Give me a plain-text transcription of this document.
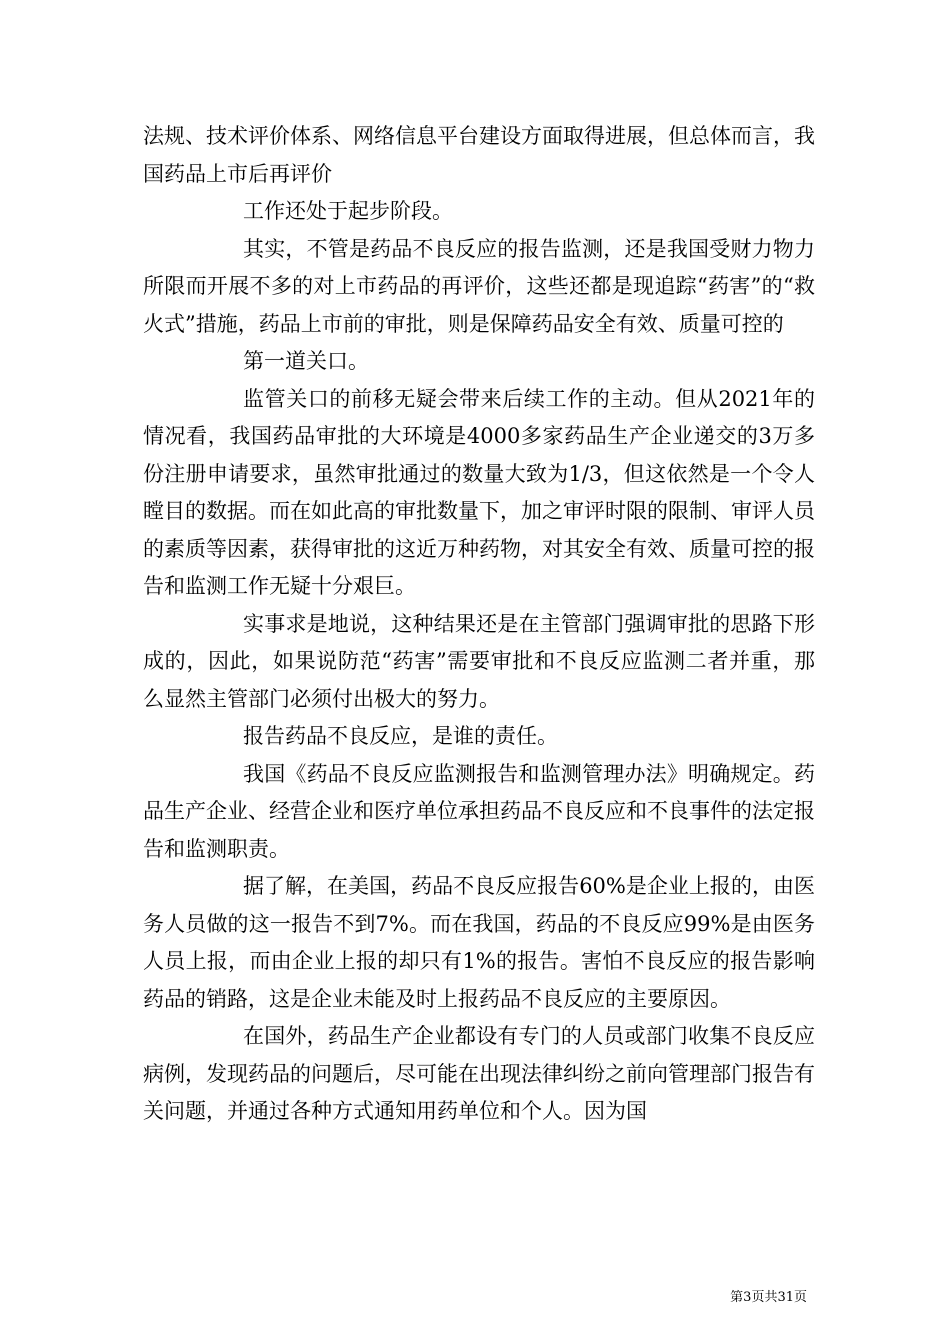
法规、技术评价体系、网络信息平台建设方面取得进展，但总体而言，我国药品上市后再评价

工作还处于起步阶段。

其实，不管是药品不良反应的报告监测，还是我国受财力物力所限而开展不多的对上市药品的再评价，这些还都是现追踪“药害”的“救火式”措施，药品上市前的审批，则是保障药品安全有效、质量可控的

第一道关口。

监管关口的前移无疑会带来后续工作的主动。但从2021年的情况看，我国药品审批的大环境是4000多家药品生产企业递交的3万多份注册申请要求，虽然审批通过的数量大致为1/3，但这依然是一个令人瞠目的数据。而在如此高的审批数量下，加之审评时限的限制、审评人员的素质等因素，获得审批的这近万种药物，对其安全有效、质量可控的报告和监测工作无疑十分艰巨。

实事求是地说，这种结果还是在主管部门强调审批的思路下形成的，因此，如果说防范“药害”需要审批和不良反应监测二者并重，那么显然主管部门必须付出极大的努力。

报告药品不良反应，是谁的责任。

我国《药品不良反应监测报告和监测管理办法》明确规定。药品生产企业、经营企业和医疗单位承担药品不良反应和不良事件的法定报告和监测职责。

据了解，在美国，药品不良反应报告60%是企业上报的，由医务人员做的这一报告不到7%。而在我国，药品的不良反应99%是由医务人员上报，而由企业上报的却只有1%的报告。害怕不良反应的报告影响药品的销路，这是企业未能及时上报药品不良反应的主要原因。

在国外，药品生产企业都设有专门的人员或部门收集不良反应病例，发现药品的问题后，尽可能在出现法律纠纷之前向管理部门报告有关问题，并通过各种方式通知用药单位和个人。因为国

第3页共31页
